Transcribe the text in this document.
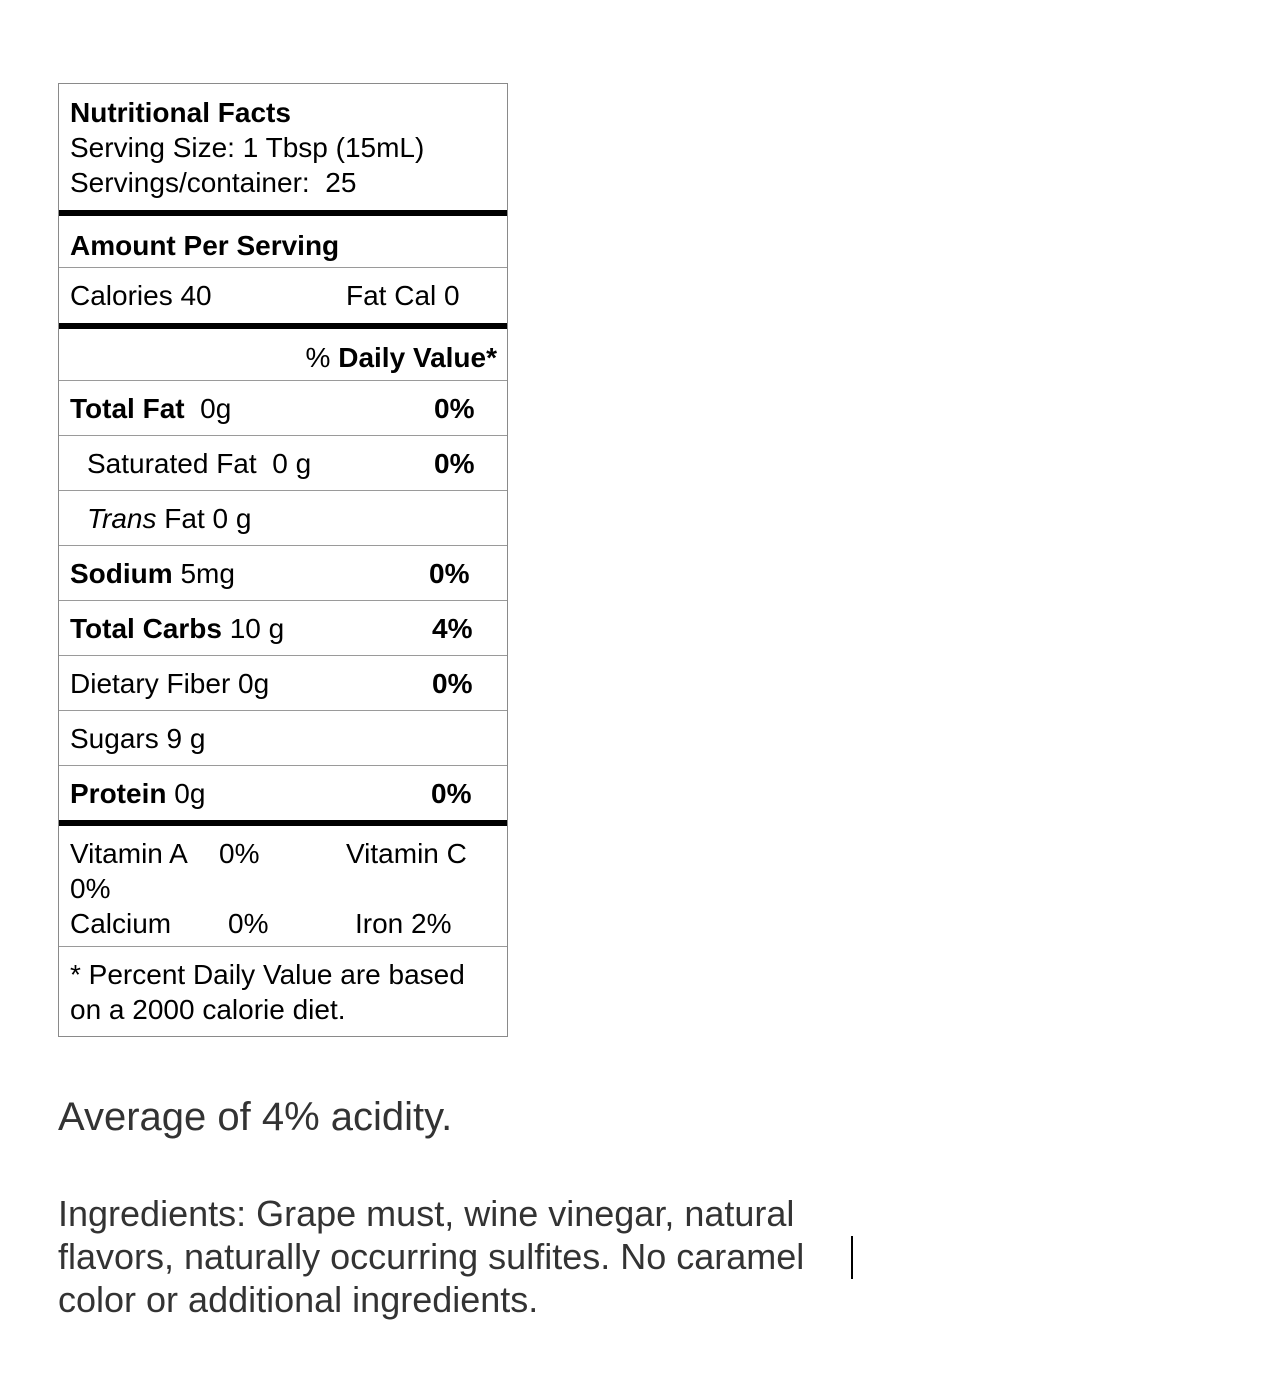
Nutritional Facts
Serving Size: 1 Tbsp (15mL)
Servings/container:  25
Amount Per Serving
Calories 40	Fat Cal 0
% Daily Value*
Total Fat 0g	0%
Saturated Fat 0 g	0%
Trans Fat 0 g
Sodium 5mg	0%
Total Carbs 10 g	4%
Dietary Fiber 0g	0%
Sugars 9 g
Protein 0g	0%
Vitamin A 0%	Vitamin C
0%
Calcium 0%	Iron 2%
* Percent Daily Value are based on a 2000 calorie diet.
Average of 4% acidity.
Ingredients: Grape must, wine vinegar, natural
flavors, naturally occurring sulfites. No caramel
color or additional ingredients.
